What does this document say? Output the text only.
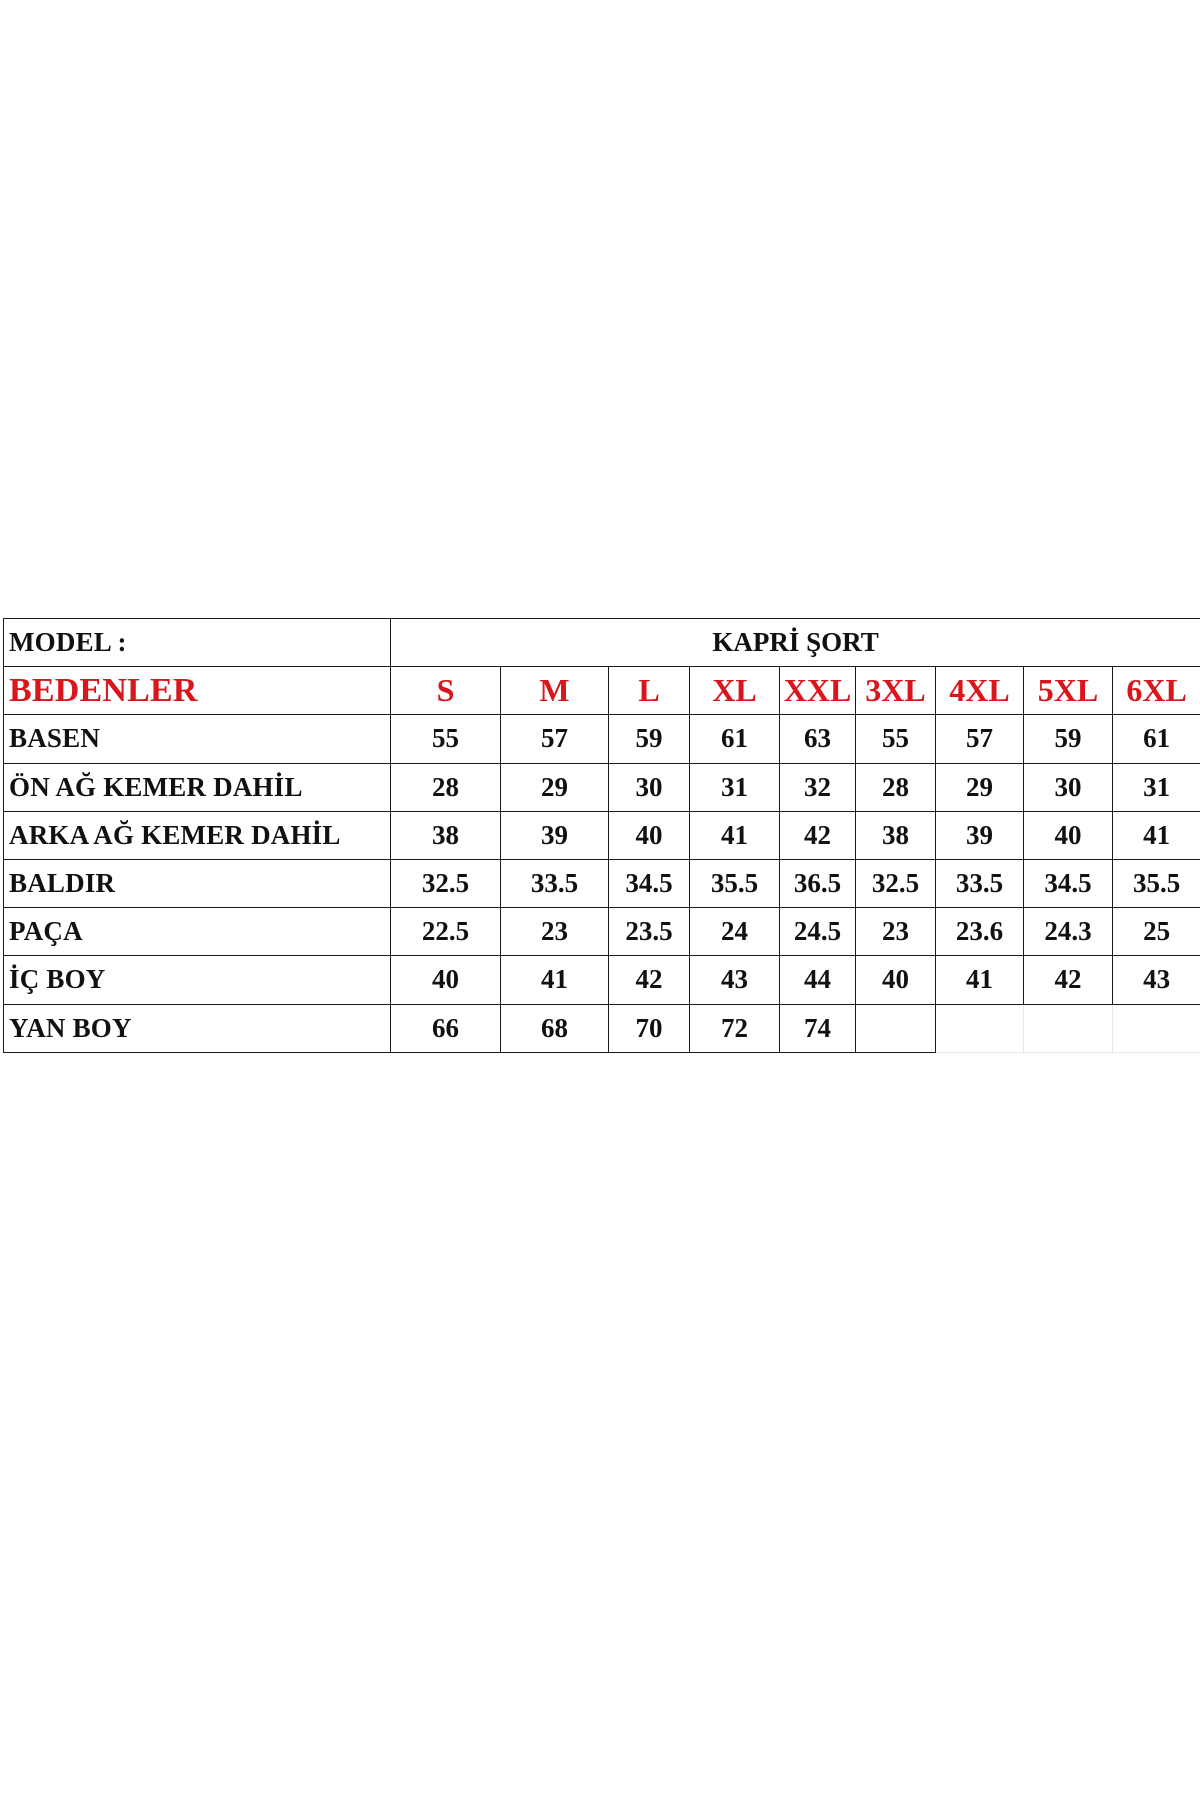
MODEL :	KAPRİ ŞORT								
BEDENLER	S	M	L	XL	XXL	3XL	4XL	5XL	6XL
BASEN	55	57	59	61	63	55	57	59	61
ÖN AĞ KEMER DAHİL	28	29	30	31	32	28	29	30	31
ARKA AĞ KEMER DAHİL	38	39	40	41	42	38	39	40	41
BALDIR	32.5	33.5	34.5	35.5	36.5	32.5	33.5	34.5	35.5
PAÇA	22.5	23	23.5	24	24.5	23	23.6	24.3	25
İÇ BOY	40	41	42	43	44	40	41	42	43
YAN BOY	66	68	70	72	74				
